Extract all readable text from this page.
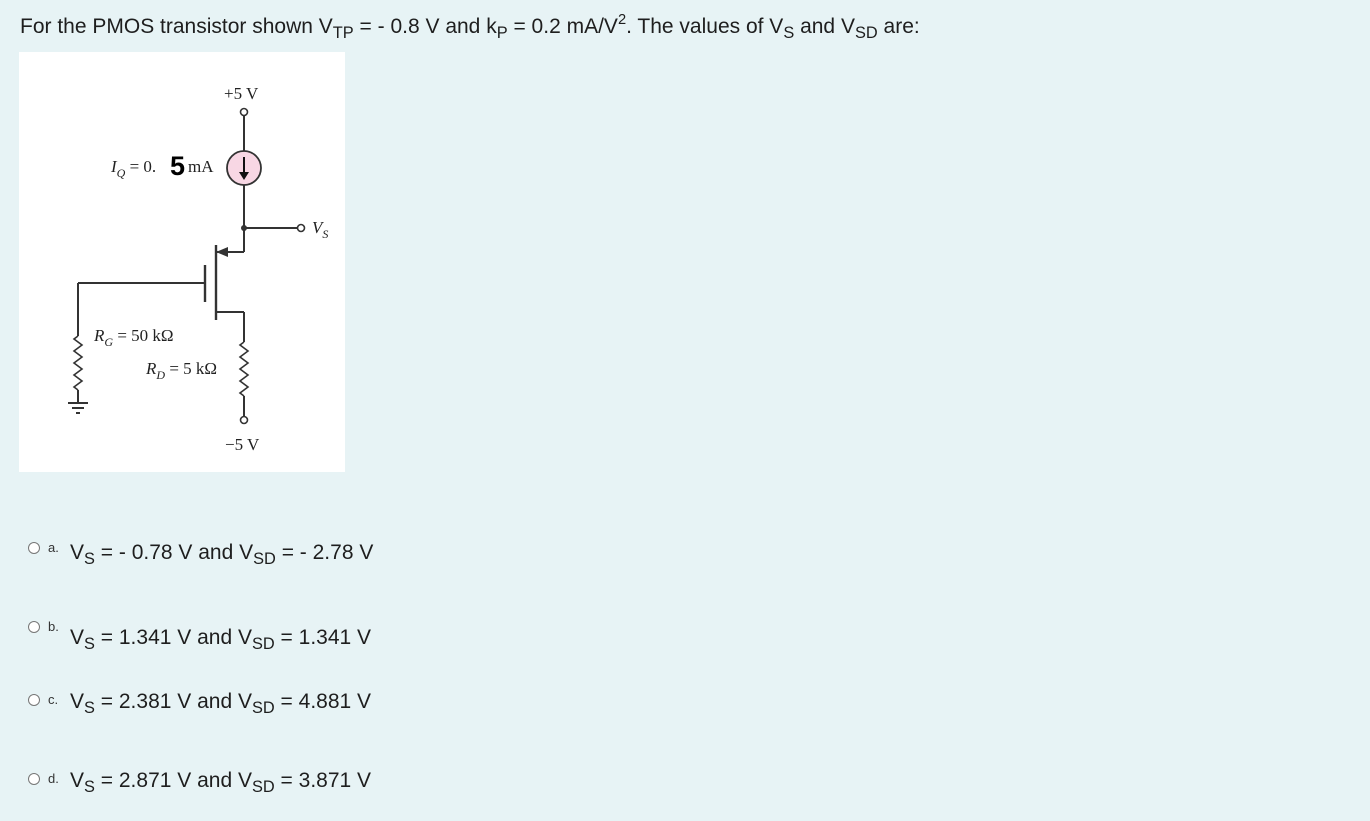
For the PMOS transistor shown $V_{TP}$ = - 0.8 V and $k_P = 0.2$ $mA/V^2$. The values of $V_S$ and $V_{SD}$ are:
+5 V
−5 V
$I_Q = 0$. 5 mA
$V_S$
$R_G = 50$ kΩ
$R_D = 5$ kΩ
a. $V_S$ = - 0.78 V and $V_{SD}$ = - 2.78 V
b. $V_S = 1.341$ V and $V_{SD} = 1.341$ V
c. $V_S = 2.381$ V and $V_{SD} = 4.881$ V
d. $V_S = 2.871$ V and $V_{SD} = 3.871$ V
